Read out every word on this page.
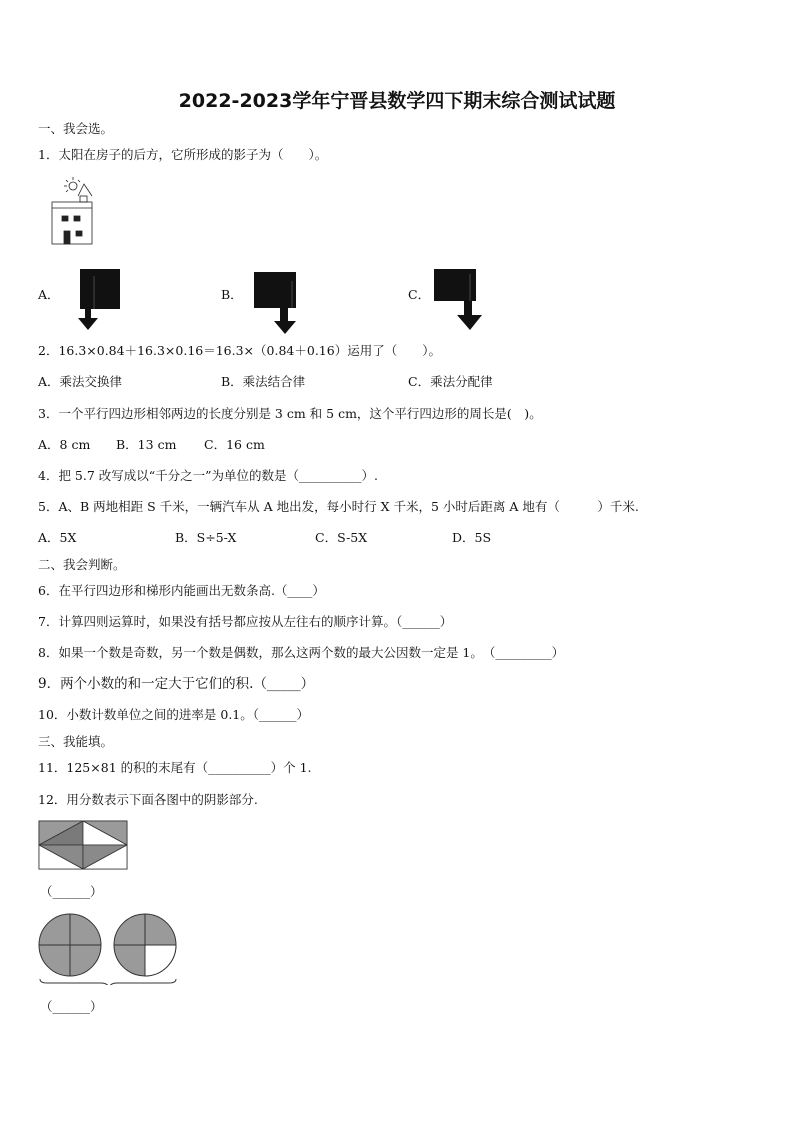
2022-2023学年宁晋县数学四下期末综合测试试题
一、我会选。
1．太阳在房子的后方，它所形成的影子为（　　）。
A．	B．	C．
2．16.3×0.84＋16.3×0.16＝16.3×（0.84＋0.16）运用了（　　）。
A．乘法交换律	B．乘法结合律	C．乘法分配律
3．一个平行四边形相邻两边的长度分别是 3 cm 和 5 cm，这个平行四边形的周长是(　)。
A．8 cm B．13 cm C．16 cm
4．把 5.7 改写成以“千分之一”为单位的数是（__________）.
5．A、B 两地相距 S 千米，一辆汽车从 A 地出发，每小时行 X 千米，5 小时后距离 A 地有（　　　）千米.
A．5X	B．S÷5-X	C．S-5X	D．5S
二、我会判断。
6．在平行四边形和梯形内能画出无数条高.（____）
7．计算四则运算时，如果没有括号都应按从左往右的顺序计算。（______）
8．如果一个数是奇数，另一个数是偶数，那么这两个数的最大公因数一定是 1。　（_________）
9．两个小数的和一定大于它们的积.（_____）
10．小数计数单位之间的进率是 0.1。（______）
三、我能填。
11．125×81 的积的末尾有（__________）个 1.
12．用分数表示下面各图中的阴影部分.
（______）
（______）
